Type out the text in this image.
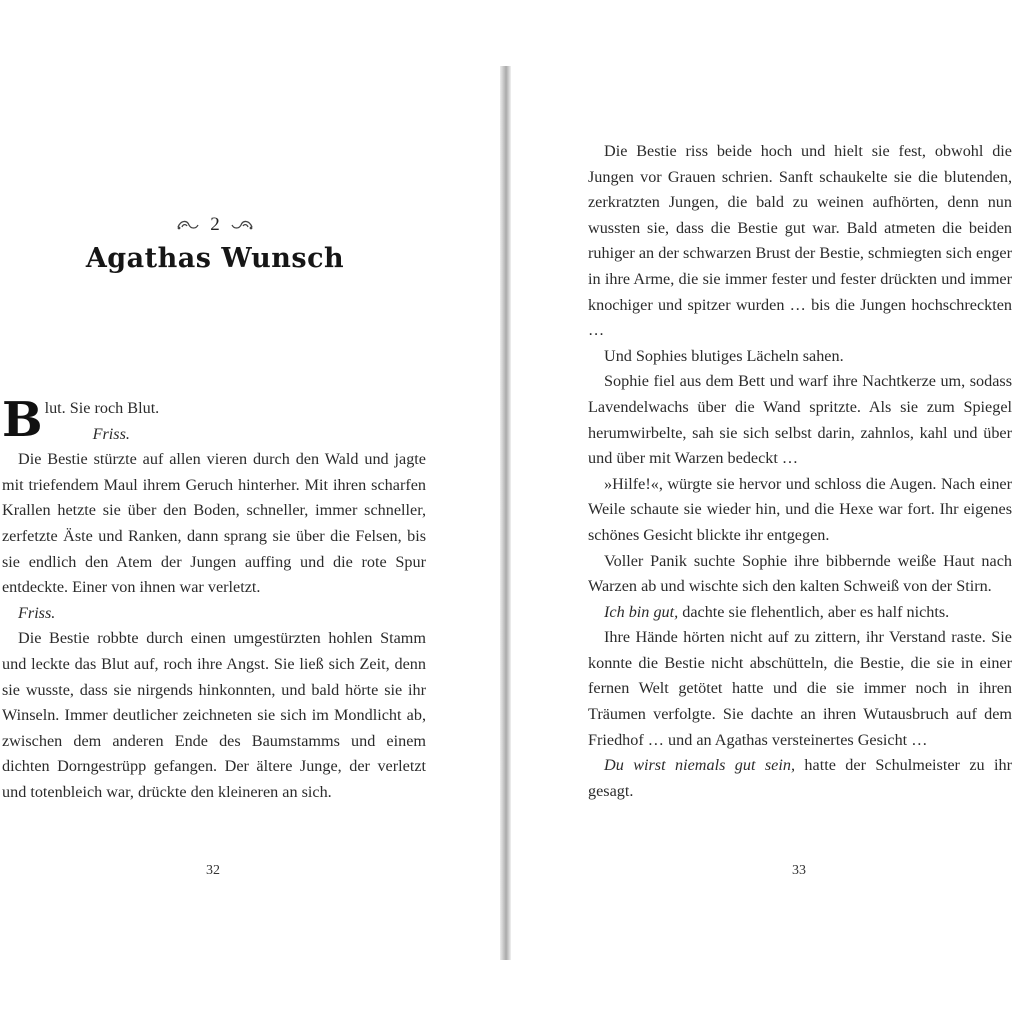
2
Agathas Wunsch

Blut. Sie roch Blut.

Friss.

Die Bestie stürzte auf allen vieren durch den Wald und jagte mit triefendem Maul ihrem Geruch hinterher. Mit ihren scharfen Krallen hetzte sie über den Boden, schneller, immer schneller, zerfetzte Äste und Ranken, dann sprang sie über die Felsen, bis sie endlich den Atem der Jungen auffing und die rote Spur entdeckte. Einer von ihnen war verletzt.

Friss.

Die Bestie robbte durch einen umgestürzten hohlen Stamm und leckte das Blut auf, roch ihre Angst. Sie ließ sich Zeit, denn sie wusste, dass sie nirgends hinkonnten, und bald hörte sie ihr Winseln. Immer deutlicher zeichneten sie sich im Mondlicht ab, zwischen dem anderen Ende des Baumstamms und einem dichten Dorngestrüpp gefangen. Der ältere Junge, der verletzt und totenbleich war, drückte den kleineren an sich.

32

Die Bestie riss beide hoch und hielt sie fest, obwohl die Jungen vor Grauen schrien. Sanft schaukelte sie die blutenden, zerkratzten Jungen, die bald zu weinen aufhörten, denn nun wussten sie, dass die Bestie gut war. Bald atmeten die beiden ruhiger an der schwarzen Brust der Bestie, schmiegten sich enger in ihre Arme, die sie immer fester und fester drückten und immer knochiger und spitzer wurden … bis die Jungen hochschreckten …

Und Sophies blutiges Lächeln sahen.

Sophie fiel aus dem Bett und warf ihre Nachtkerze um, sodass Lavendelwachs über die Wand spritzte. Als sie zum Spiegel herumwirbelte, sah sie sich selbst darin, zahnlos, kahl und über und über mit Warzen bedeckt …

»Hilfe!«, würgte sie hervor und schloss die Augen. Nach einer Weile schaute sie wieder hin, und die Hexe war fort. Ihr eigenes schönes Gesicht blickte ihr entgegen.

Voller Panik suchte Sophie ihre bibbernde weiße Haut nach Warzen ab und wischte sich den kalten Schweiß von der Stirn.

Ich bin gut, dachte sie flehentlich, aber es half nichts.

Ihre Hände hörten nicht auf zu zittern, ihr Verstand raste. Sie konnte die Bestie nicht abschütteln, die Bestie, die sie in einer fernen Welt getötet hatte und die sie immer noch in ihren Träumen verfolgte. Sie dachte an ihren Wutausbruch auf dem Friedhof … und an Agathas versteinertes Gesicht …

Du wirst niemals gut sein, hatte der Schulmeister zu ihr gesagt.

33
